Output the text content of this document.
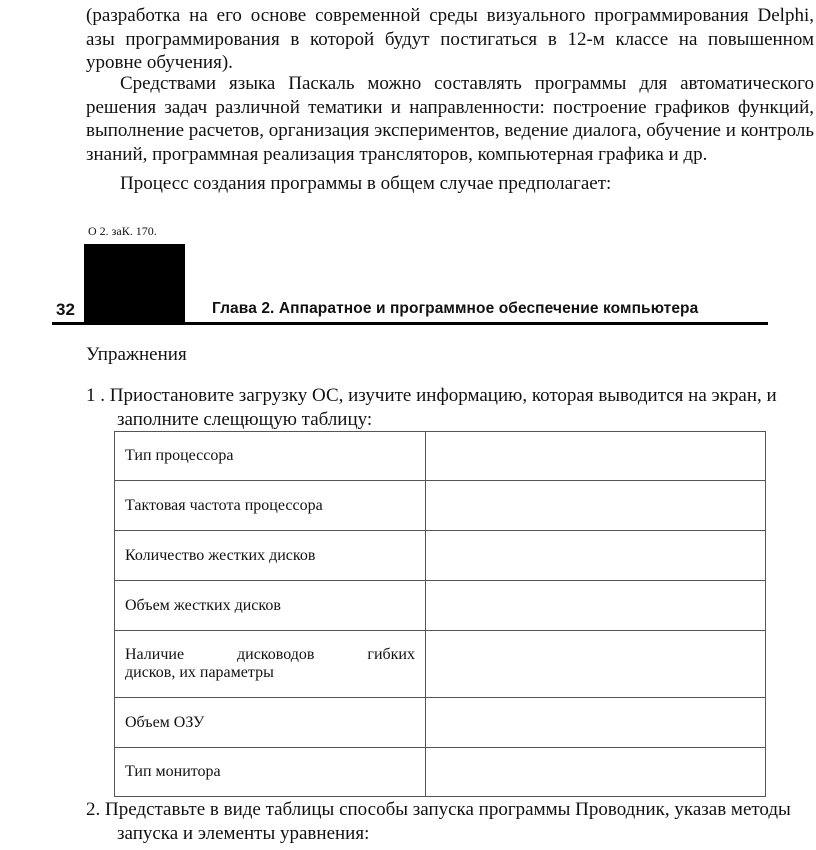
(разработка на его основе современной среды визуального программирования Delphi, азы программирования в которой будут постигаться в 12-м классе на повышенном уровне обучения).

Средствами языка Паскаль можно составлять программы для автоматического решения задач различной тематики и направленности: построение графиков функций, выполнение расчетов, организация экспериментов, ведение диалога, обучение и контроль знаний, программная реализация трансляторов, компьютерная графика и др.

Процесс создания программы в общем случае предполагает:

О 2. заК. 170.
32	Глава 2. Аппаратное и программное обеспечение компьютера
Упражнения
1 . Приостановите загрузку ОС, изучите информацию, которая выводится на экран, и
заполните слещющую таблицу:
Тип процессора	
Тактовая частота процессора	
Количество жестких дисков	
Объем жестких дисков	

Наличие дисководов гибких
дисков, их параметры	
Объем ОЗУ	
Тип монитора	
2. Представьте в виде таблицы способы запуска программы Проводник, указав методы
запуска и элементы уравнения:
